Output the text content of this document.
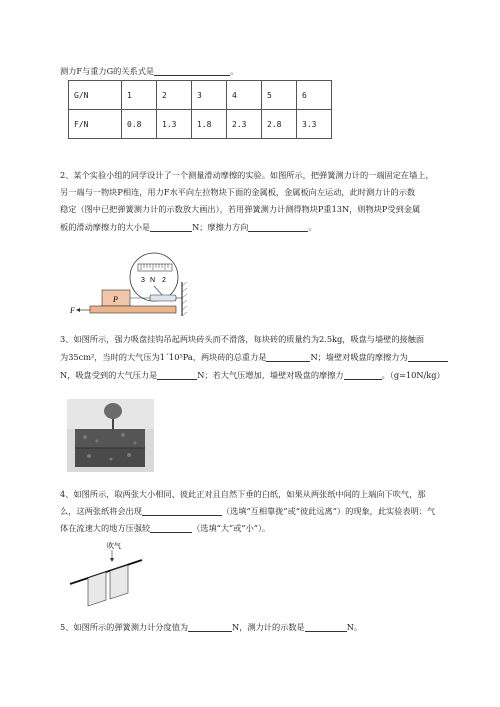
测力F与重力G的关系式是	。
G/N	1	2	3	4	5	6
F/N	0.8	1.3	1.8	2.3	2.8	3.3
2、某个实验小组的同学设计了一个测量滑动摩擦的实验。如图所示，把弹簧测力计的一端固定在墙上，
另一端与一物块P相连，用力F水平向左拉物块下面的金属板，金属板向左运动，此时测力计的示数
稳定（图中已把弹簧测力计的示数放大画出），若用弹簧测力计测得物块P重13N，则物块P受到金属
板的滑动摩擦力的大小是	N；摩擦力方向	。
3 N 2
P
F
3、如图所示，强力吸盘挂钩吊起两块砖头而不滑落，每块砖的质量约为2.5kg，吸盘与墙壁的接触面
为35cm²，当时的大气压为1ˊ10⁵Pa，两块砖的总重力是	N；墙壁对吸盘的摩擦力为
N，吸盘受到的大气压力是	N；若大气压增加，墙壁对吸盘的摩擦力	。（g=10N/kg）
4、如图所示，取两张大小相同、彼此正对且自然下垂的白纸，如果从两张纸中间的上端向下吹气，那
么，这两张纸将会出现	（选填“互相靠拢”或“彼此远离”）的现象，此实验表明：气
体在流速大的地方压强较	（选填“大”或“小”）。
吹气
5、如图所示的弹簧测力计分度值为	N，测力计的示数是	N。
